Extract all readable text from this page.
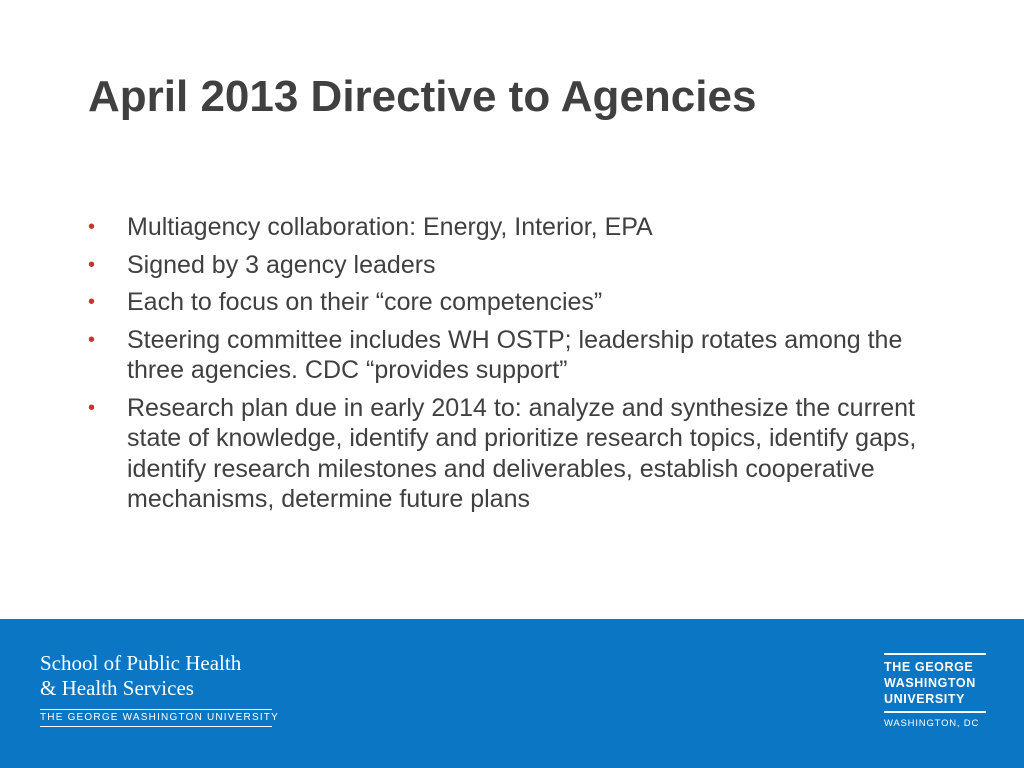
April 2013 Directive to Agencies
• Multiagency collaboration: Energy, Interior, EPA
• Signed by 3 agency leaders
• Each to focus on their “core competencies”
• Steering committee includes WH OSTP; leadership rotates among the three agencies. CDC “provides support”
• Research plan due in early 2014 to: analyze and synthesize the current state of knowledge, identify and prioritize research topics, identify gaps, identify research milestones and deliverables, establish cooperative mechanisms, determine future plans
School of Public Health
& Health Services
THE GEORGE WASHINGTON UNIVERSITY
THE GEORGE
WASHINGTON
UNIVERSITY
WASHINGTON, DC
